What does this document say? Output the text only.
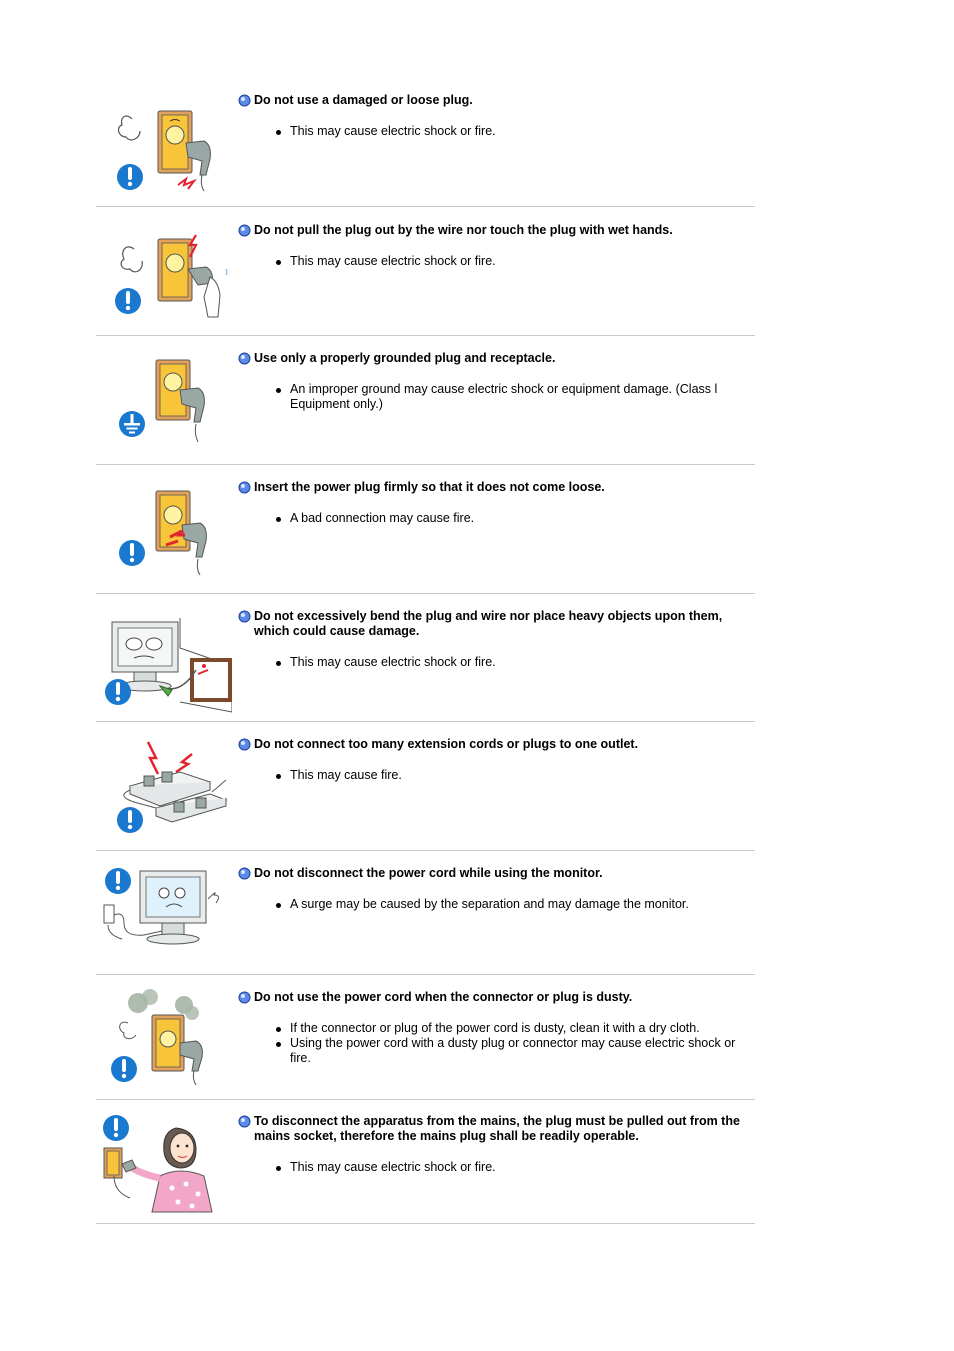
Do not use a damaged or loose plug.
This may cause electric shock or fire.
Do not pull the plug out by the wire nor touch the plug with wet hands.
This may cause electric shock or fire.
Use only a properly grounded plug and receptacle.
An improper ground may cause electric shock or equipment damage. (Class l Equipment only.)
Insert the power plug firmly so that it does not come loose.
A bad connection may cause fire.
Do not excessively bend the plug and wire nor place heavy objects upon them, which could cause damage.
This may cause electric shock or fire.
Do not connect too many extension cords or plugs to one outlet.
This may cause fire.
Do not disconnect the power cord while using the monitor.
A surge may be caused by the separation and may damage the monitor.
Do not use the power cord when the connector or plug is dusty.
If the connector or plug of the power cord is dusty, clean it with a dry cloth.
Using the power cord with a dusty plug or connector may cause electric shock or fire.
To disconnect the apparatus from the mains, the plug must be pulled out from the mains socket, therefore the mains plug shall be readily operable.
This may cause electric shock or fire.
